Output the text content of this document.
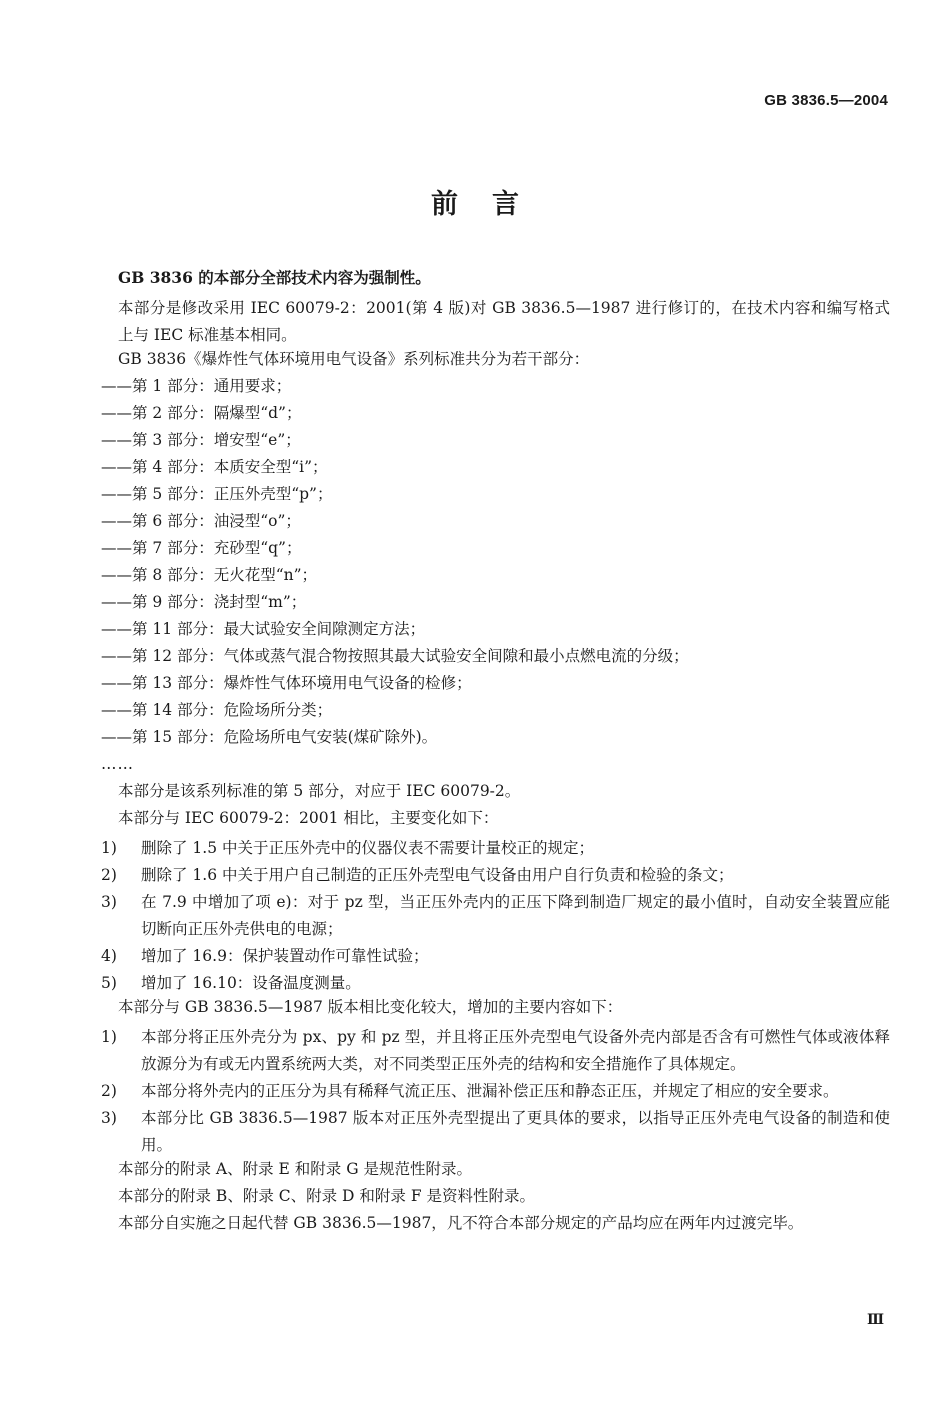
GB 3836.5—2004
前言
GB 3836 的本部分全部技术内容为强制性。
本部分是修改采用 IEC 60079-2：2001(第 4 版)对 GB 3836.5—1987 进行修订的，在技术内容和编写格式上与 IEC 标准基本相同。
GB 3836《爆炸性气体环境用电气设备》系列标准共分为若干部分：
——第 1 部分：通用要求；
——第 2 部分：隔爆型“d”；
——第 3 部分：增安型“e”；
——第 4 部分：本质安全型“i”；
——第 5 部分：正压外壳型“p”；
——第 6 部分：油浸型“o”；
——第 7 部分：充砂型“q”；
——第 8 部分：无火花型“n”；
——第 9 部分：浇封型“m”；
——第 11 部分：最大试验安全间隙测定方法；
——第 12 部分：气体或蒸气混合物按照其最大试验安全间隙和最小点燃电流的分级；
——第 13 部分：爆炸性气体环境用电气设备的检修；
——第 14 部分：危险场所分类；
——第 15 部分：危险场所电气安装(煤矿除外)。
……
本部分是该系列标准的第 5 部分，对应于 IEC 60079-2。
本部分与 IEC 60079-2：2001 相比，主要变化如下：
1) 删除了 1.5 中关于正压外壳中的仪器仪表不需要计量校正的规定；
2) 删除了 1.6 中关于用户自己制造的正压外壳型电气设备由用户自行负责和检验的条文；
3) 在 7.9 中增加了项 e)：对于 pz 型，当正压外壳内的正压下降到制造厂规定的最小值时，自动安全装置应能切断向正压外壳供电的电源；
4) 增加了 16.9：保护装置动作可靠性试验；
5) 增加了 16.10：设备温度测量。
本部分与 GB 3836.5—1987 版本相比变化较大，增加的主要内容如下：
1) 本部分将正压外壳分为 px、py 和 pz 型，并且将正压外壳型电气设备外壳内部是否含有可燃性气体或液体释放源分为有或无内置系统两大类，对不同类型正压外壳的结构和安全措施作了具体规定。
2) 本部分将外壳内的正压分为具有稀释气流正压、泄漏补偿正压和静态正压，并规定了相应的安全要求。
3) 本部分比 GB 3836.5—1987 版本对正压外壳型提出了更具体的要求，以指导正压外壳电气设备的制造和使用。
本部分的附录 A、附录 E 和附录 G 是规范性附录。
本部分的附录 B、附录 C、附录 D 和附录 F 是资料性附录。
本部分自实施之日起代替 GB 3836.5—1987，凡不符合本部分规定的产品均应在两年内过渡完毕。
Ⅲ
